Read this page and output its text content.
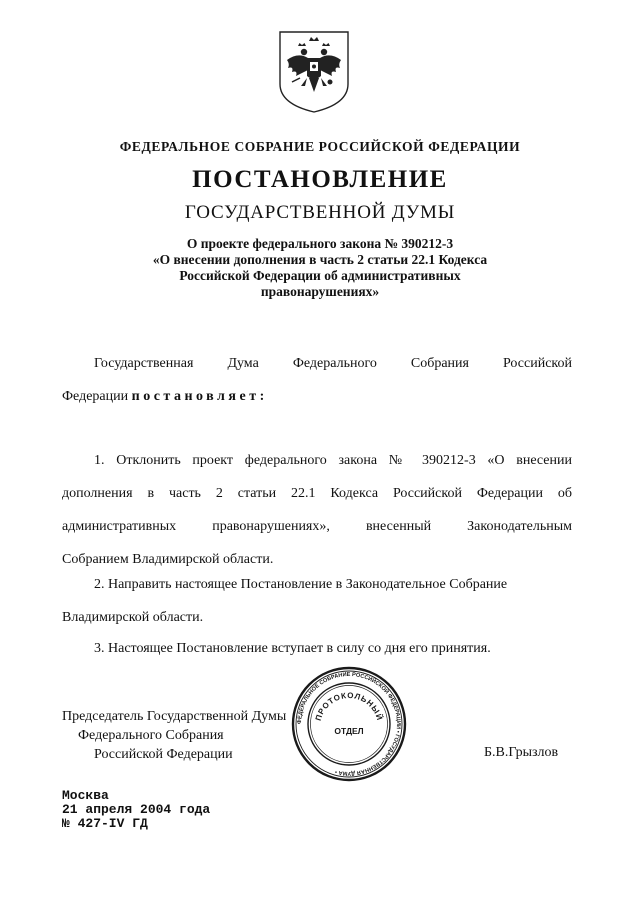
ФЕДЕРАЛЬНОЕ СОБРАНИЕ РОССИЙСКОЙ ФЕДЕРАЦИИ
ПОСТАНОВЛЕНИЕ
ГОСУДАРСТВЕННОЙ ДУМЫ
О проекте федерального закона № 390212-3
«О внесении дополнения в часть 2 статьи 22.1 Кодекса
Российской Федерации об административных
правонарушениях»
Государственная Дума Федерального Собрания Российской
Федерации постановляет:
1. Отклонить проект федерального закона № 390212-3 «О внесении
дополнения в часть 2 статьи 22.1 Кодекса Российской Федерации об
административных правонарушениях», внесенный Законодательным
Собранием Владимирской области.
2. Направить настоящее Постановление в Законодательное Собрание
Владимирской области.
3. Настоящее Постановление вступает в силу со дня его принятия.
Председатель Государственной Думы
Федерального Собрания
Российской Федерации
ФЕДЕРАЛЬНОЕ СОБРАНИЕ РОССИЙСКОЙ ФЕДЕРАЦИИ • ГОСУДАРСТВЕННАЯ ДУМА •
ПРОТОКОЛЬНЫЙ
ОТДЕЛ
Б.В.Грызлов
Москва
21 апреля 2004 года
№ 427-IV ГД
